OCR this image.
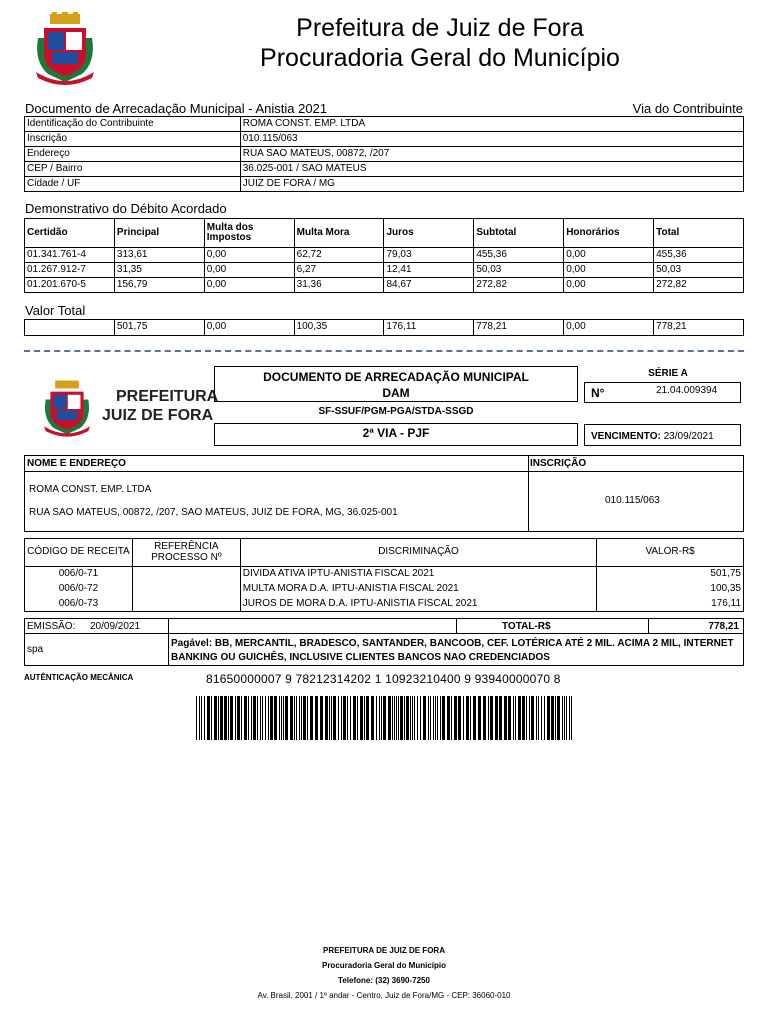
Prefeitura de Juiz de Fora
Procuradoria Geral do Município
Documento de Arrecadação Municipal - Anistia 2021	Via do Contribuinte
Identificação do Contribuinte	ROMA CONST. EMP. LTDA
Inscrição	010.115/063
Endereço	RUA SAO MATEUS, 00872, /207
CEP / Bairro	36.025-001 / SAO MATEUS
Cidade / UF	JUIZ DE FORA / MG
Demonstrativo do Débito Acordado
Certidão	Principal	Multa dos Impostos	Multa Mora	Juros	Subtotal	Honorários	Total
01.341.761-4	313,61	0,00	62,72	79,03	455,36	0,00	455,36
01.267.912-7	31,35	0,00	6,27	12,41	50,03	0,00	50,03
01.201.670-5	156,79	0,00	31,36	84,67	272,82	0,00	272,82
Valor Total
	501,75	0,00	100,35	176,11	778,21	0,00	778,21
PREFEITURA
JUIZ DE FORA
DOCUMENTO DE ARRECADAÇÃO MUNICIPAL
DAM
SÉRIE A
N°	21.04.009394
SF-SSUF/PGM-PGA/STDA-SSGD
2ª VIA - PJF	VENCIMENTO: 23/09/2021
NOME E ENDEREÇO	INSCRIÇÃO
ROMA CONST. EMP. LTDA
RUA SAO MATEUS, 00872, /207, SAO MATEUS, JUIZ DE FORA, MG, 36.025-001
010.115/063
CÓDIGO DE RECEITA	REFERÊNCIA PROCESSO Nº	DISCRIMINAÇÃO	VALOR-R$
006/0-71		DIVIDA ATIVA IPTU-ANISTIA FISCAL 2021	501,75
006/0-72		MULTA MORA D.A. IPTU-ANISTIA FISCAL 2021	100,35
006/0-73		JUROS DE MORA D.A. IPTU-ANISTIA FISCAL 2021	176,11
EMISSÃO: 20/09/2021	TOTAL-R$	778,21
spa
Pagável: BB, MERCANTIL, BRADESCO, SANTANDER, BANCOOB, CEF. LOTÉRICA ATÉ 2 MIL. ACIMA 2 MIL, INTERNET BANKING OU GUICHÊS, INCLUSIVE CLIENTES BANCOS NAO CREDENCIADOS
AUTÊNTICAÇÃO MECÂNICA	81650000007 9 78212314202 1 10923210400 9 93940000070 8
PREFEITURA DE JUIZ DE FORA
Procuradoria Geral do Município
Telefone: (32) 3690-7250
Av. Brasil, 2001 / 1º andar - Centro, Juiz de Fora/MG - CEP: 36060-010
